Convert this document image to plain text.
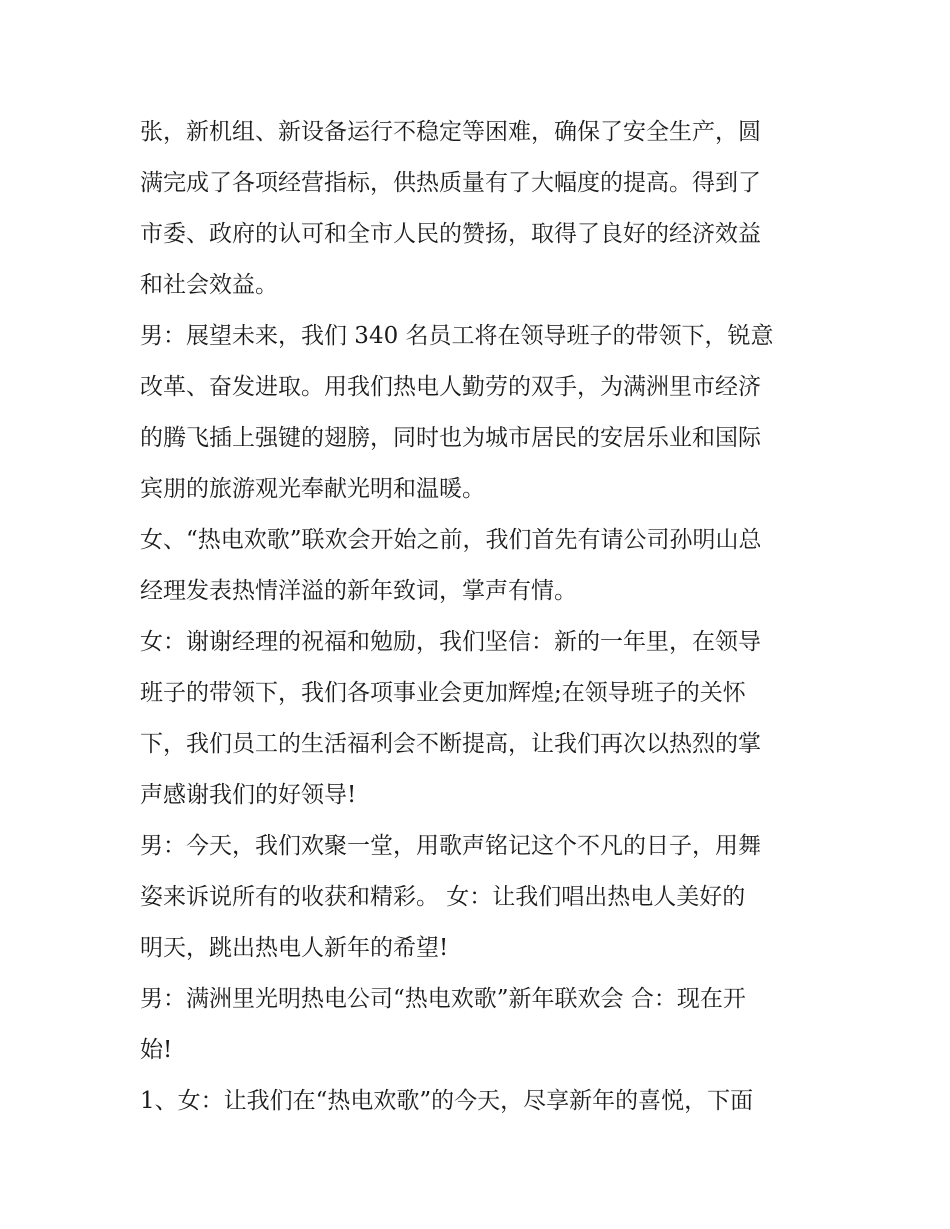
张，新机组、新设备运行不稳定等困难，确保了安全生产，圆
满完成了各项经营指标，供热质量有了大幅度的提高。得到了
市委、政府的认可和全市人民的赞扬，取得了良好的经济效益
和社会效益。
男：展望未来，我们 340 名员工将在领导班子的带领下，锐意
改革、奋发进取。用我们热电人勤劳的双手，为满洲里市经济
的腾飞插上强键的翅膀，同时也为城市居民的安居乐业和国际
宾朋的旅游观光奉献光明和温暖。
女、“热电欢歌”联欢会开始之前，我们首先有请公司孙明山总
经理发表热情洋溢的新年致词，掌声有情。
女：谢谢经理的祝福和勉励，我们坚信：新的一年里，在领导
班子的带领下，我们各项事业会更加辉煌;在领导班子的关怀
下，我们员工的生活福利会不断提高，让我们再次以热烈的掌
声感谢我们的好领导!
男：今天，我们欢聚一堂，用歌声铭记这个不凡的日子，用舞
姿来诉说所有的收获和精彩。 女：让我们唱出热电人美好的
明天，跳出热电人新年的希望!
男：满洲里光明热电公司“热电欢歌”新年联欢会 合：现在开
始!
1、女：让我们在“热电欢歌”的今天，尽享新年的喜悦，下面
